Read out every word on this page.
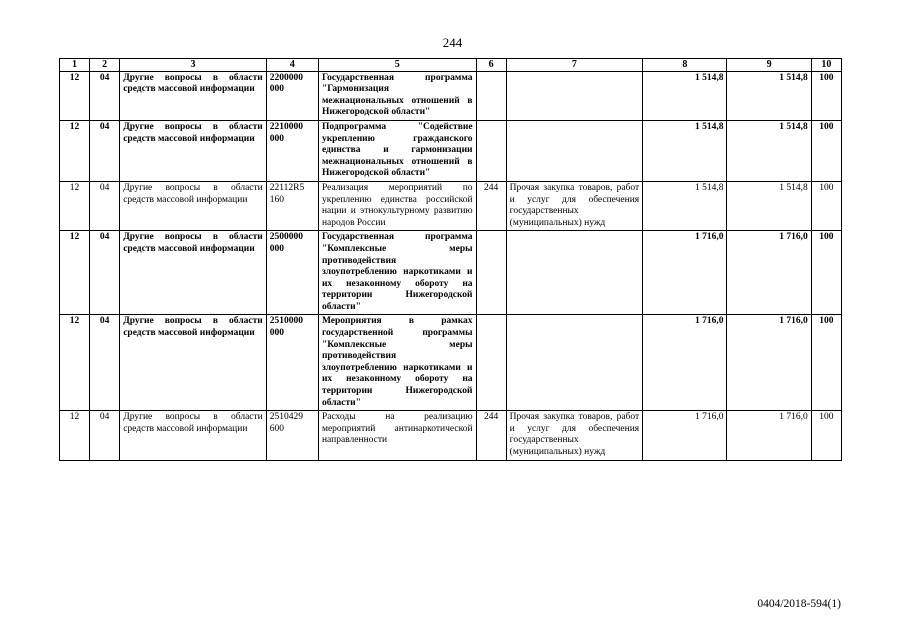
244
1	2	3	4	5	6	7	8	9	10
12	04	Другие вопросы в области средств массовой информации	2200000 000	Государственная программа "Гармонизация межнациональных отношений в Нижегородской области"			1 514,8	1 514,8	100
12	04	Другие вопросы в области средств массовой информации	2210000 000	Подпрограмма "Содействие укреплению гражданского единства и гармонизации межнациональных отношений в Нижегородской области"			1 514,8	1 514,8	100
12	04	Другие вопросы в области средств массовой информации	22112R5 160	Реализация мероприятий по укреплению единства российской нации и этнокультурному развитию народов России	244	Прочая закупка товаров, работ и услуг для обеспечения государственных (муниципальных) нужд	1 514,8	1 514,8	100
12	04	Другие вопросы в области средств массовой информации	2500000 000	Государственная программа "Комплексные меры противодействия злоупотреблению наркотиками и их незаконному обороту на территории Нижегородской области"			1 716,0	1 716,0	100
12	04	Другие вопросы в области средств массовой информации	2510000 000	Мероприятия в рамках государственной программы "Комплексные меры противодействия злоупотреблению наркотиками и их незаконному обороту на территории Нижегородской области"			1 716,0	1 716,0	100
12	04	Другие вопросы в области средств массовой информации	2510429 600	Расходы на реализацию мероприятий антинаркотической направленности	244	Прочая закупка товаров, работ и услуг для обеспечения государственных (муниципальных) нужд	1 716,0	1 716,0	100
0404/2018-594(1)
